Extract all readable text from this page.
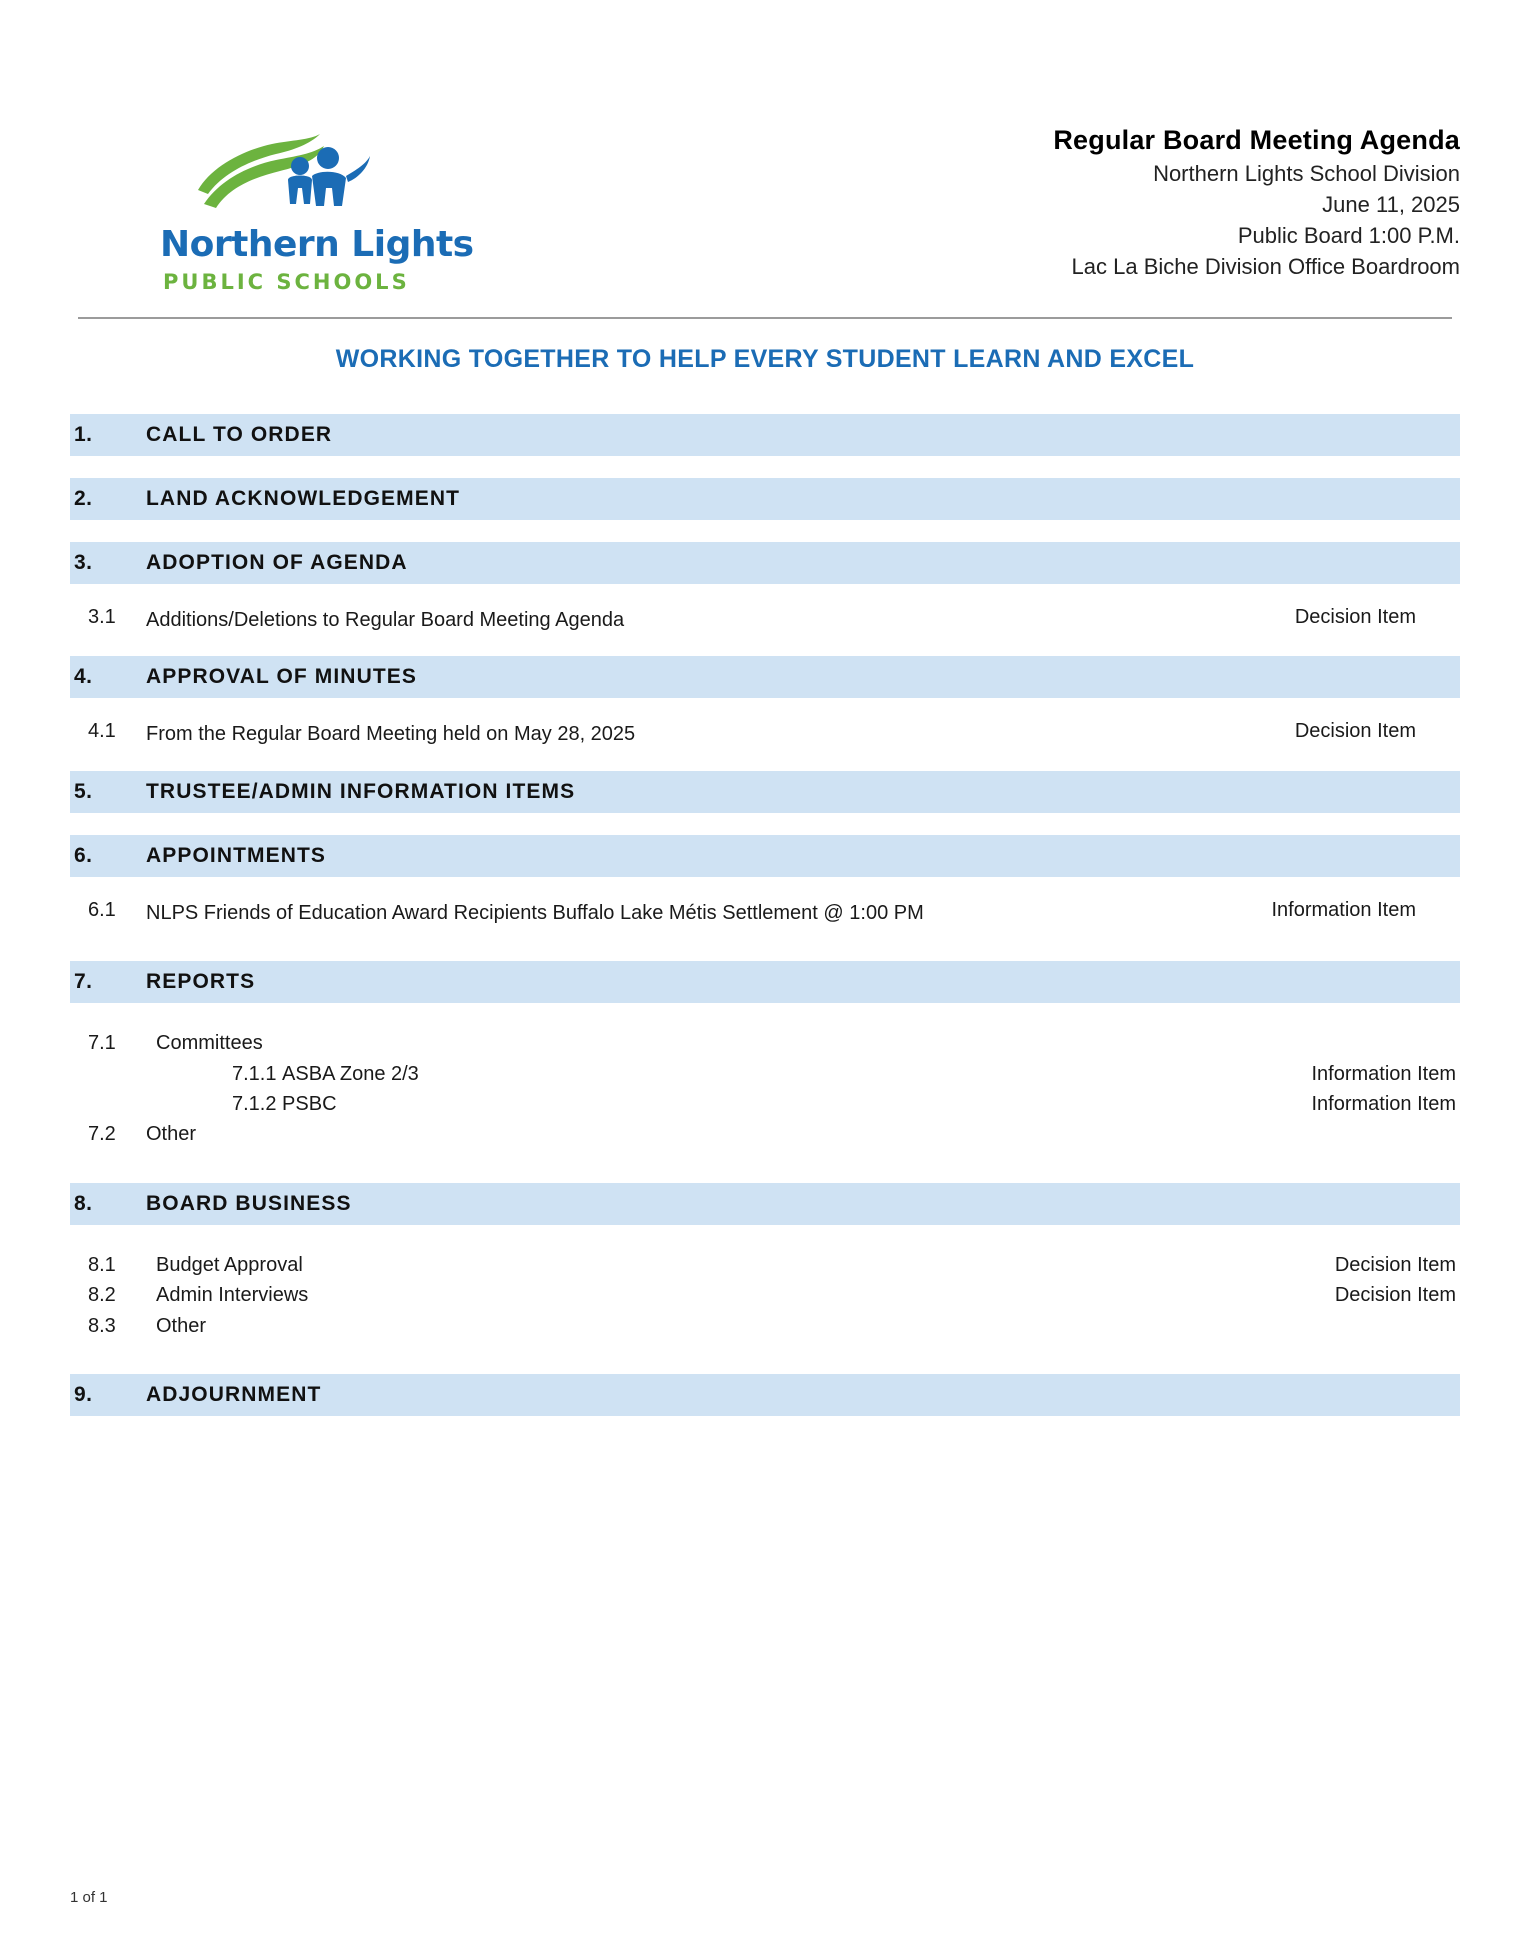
Northern Lights
PUBLIC SCHOOLS
Regular Board Meeting Agenda
Northern Lights School Division
June 11, 2025
Public Board 1:00 P.M.
Lac La Biche Division Office Boardroom
WORKING TOGETHER TO HELP EVERY STUDENT LEARN AND EXCEL
1.	CALL TO ORDER
2.	LAND ACKNOWLEDGEMENT
3.	ADOPTION OF AGENDA
3.1	Additions/Deletions to Regular Board Meeting Agenda	Decision Item
4.	APPROVAL OF MINUTES
4.1	From the Regular Board Meeting held on May 28, 2025	Decision Item
5.	TRUSTEE/ADMIN INFORMATION ITEMS
6.	APPOINTMENTS
6.1	NLPS Friends of Education Award Recipients Buffalo Lake Métis Settlement @ 1:00 PM	Information Item
7.	REPORTS
7.1	Committees
7.1.1 ASBA Zone 2/3	Information Item
7.1.2 PSBC	Information Item
7.2	Other
8.	BOARD BUSINESS
8.1	Budget Approval	Decision Item
8.2	Admin Interviews	Decision Item
8.3	Other
9.	ADJOURNMENT
1 of 1
